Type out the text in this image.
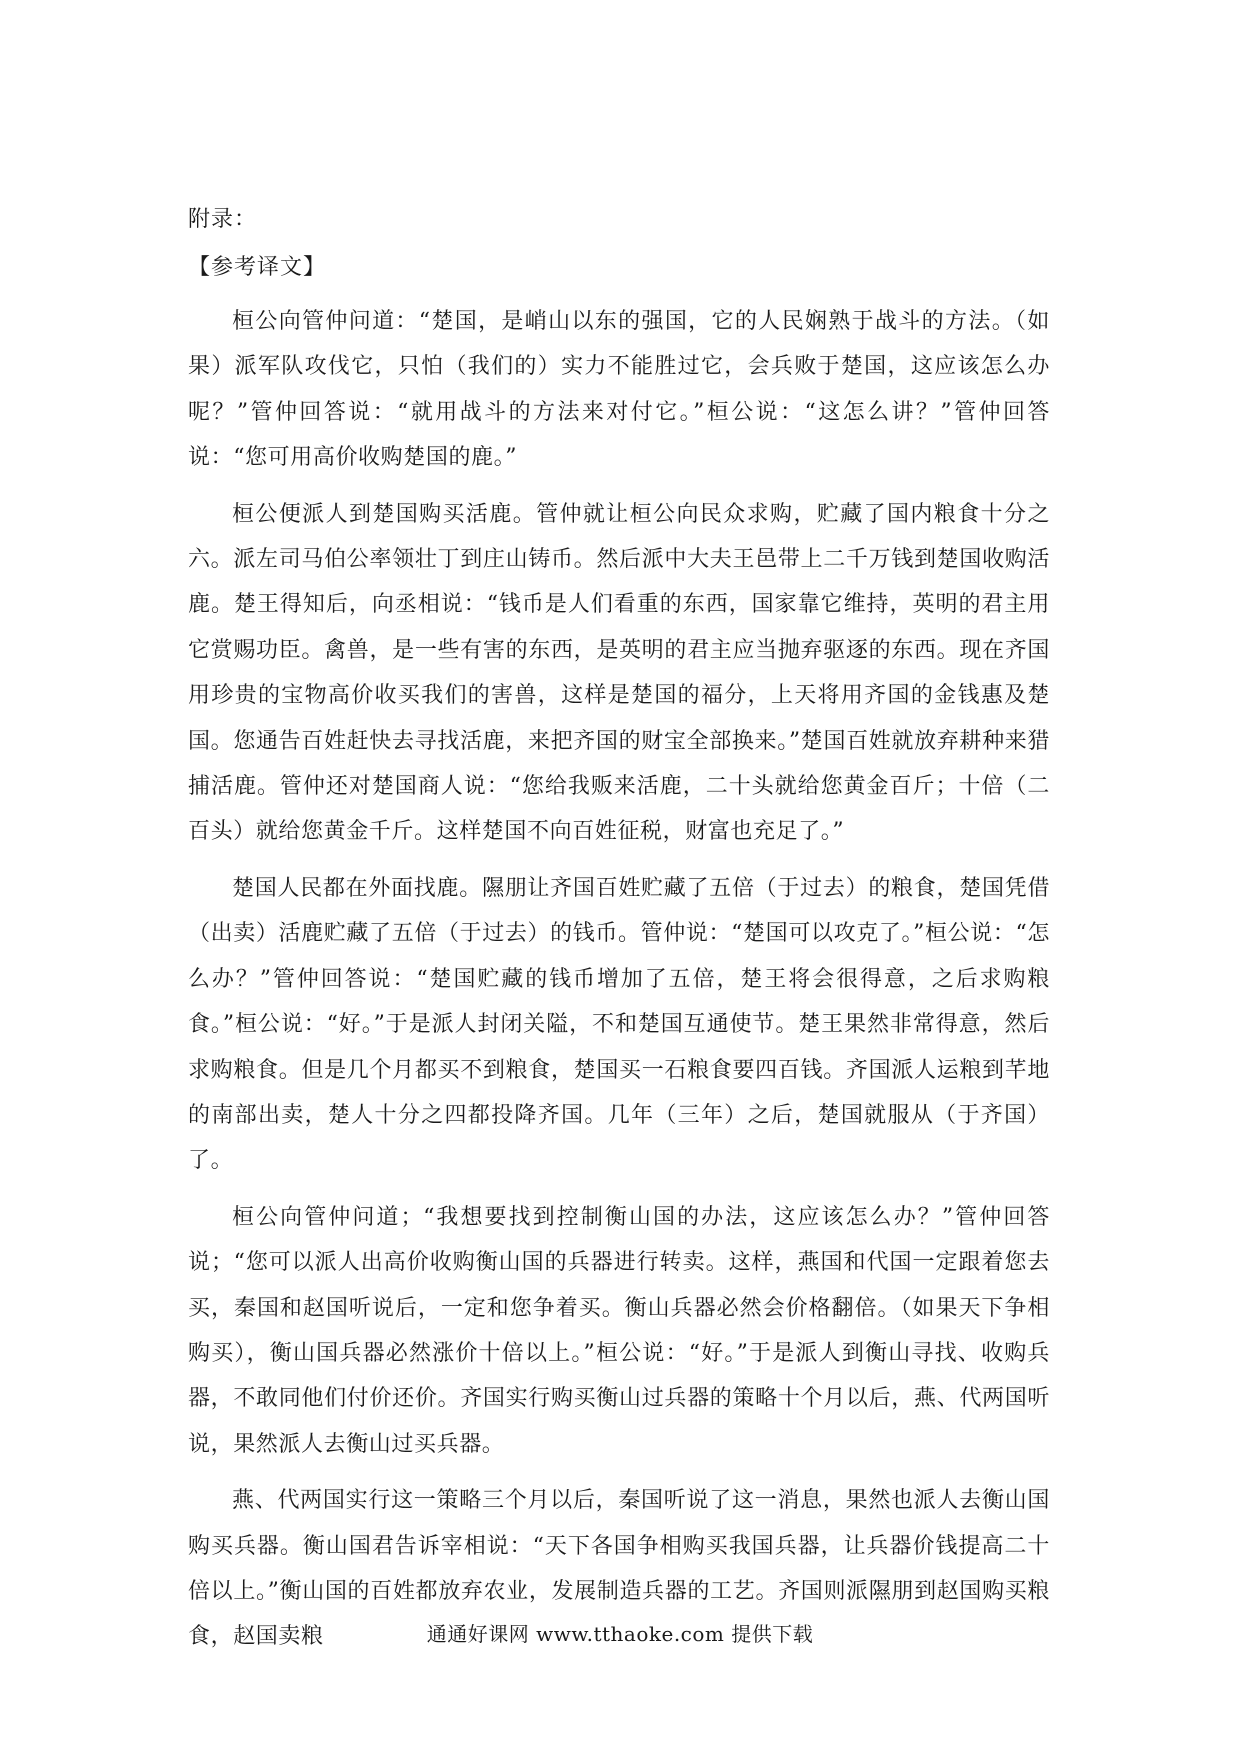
附录：
【参考译文】

桓公向管仲问道：“楚国，是峭山以东的强国，它的人民娴熟于战斗的方法。（如果）派军队攻伐它，只怕（我们的）实力不能胜过它，会兵败于楚国，这应该怎么办呢？”管仲回答说：“就用战斗的方法来对付它。”桓公说：“这怎么讲？”管仲回答说：“您可用高价收购楚国的鹿。”

桓公便派人到楚国购买活鹿。管仲就让桓公向民众求购，贮藏了国内粮食十分之六。派左司马伯公率领壮丁到庄山铸币。然后派中大夫王邑带上二千万钱到楚国收购活鹿。楚王得知后，向丞相说：“钱币是人们看重的东西，国家靠它维持，英明的君主用它赏赐功臣。禽兽，是一些有害的东西，是英明的君主应当抛弃驱逐的东西。现在齐国用珍贵的宝物高价收买我们的害兽，这样是楚国的福分，上天将用齐国的金钱惠及楚国。您通告百姓赶快去寻找活鹿，来把齐国的财宝全部换来。”楚国百姓就放弃耕种来猎捕活鹿。管仲还对楚国商人说：“您给我贩来活鹿，二十头就给您黄金百斤；十倍（二百头）就给您黄金千斤。这样楚国不向百姓征税，财富也充足了。”

楚国人民都在外面找鹿。隰朋让齐国百姓贮藏了五倍（于过去）的粮食，楚国凭借（出卖）活鹿贮藏了五倍（于过去）的钱币。管仲说：“楚国可以攻克了。”桓公说：“怎么办？”管仲回答说：“楚国贮藏的钱币增加了五倍，楚王将会很得意，之后求购粮食。”桓公说：“好。”于是派人封闭关隘，不和楚国互通使节。楚王果然非常得意，然后求购粮食。但是几个月都买不到粮食，楚国买一石粮食要四百钱。齐国派人运粮到芊地的南部出卖，楚人十分之四都投降齐国。几年（三年）之后，楚国就服从（于齐国）了。

桓公向管仲问道；“我想要找到控制衡山国的办法，这应该怎么办？”管仲回答说；“您可以派人出高价收购衡山国的兵器进行转卖。这样，燕国和代国一定跟着您去买，秦国和赵国听说后，一定和您争着买。衡山兵器必然会价格翻倍。（如果天下争相购买），衡山国兵器必然涨价十倍以上。”桓公说：“好。”于是派人到衡山寻找、收购兵器，不敢同他们付价还价。齐国实行购买衡山过兵器的策略十个月以后，燕、代两国听说，果然派人去衡山过买兵器。

燕、代两国实行这一策略三个月以后，秦国听说了这一消息，果然也派人去衡山国购买兵器。衡山国君告诉宰相说：“天下各国争相购买我国兵器，让兵器价钱提高二十倍以上。”衡山国的百姓都放弃农业，发展制造兵器的工艺。齐国则派隰朋到赵国购买粮食，赵国卖粮	通通好课网 www.tthaoke.com 提供下载
